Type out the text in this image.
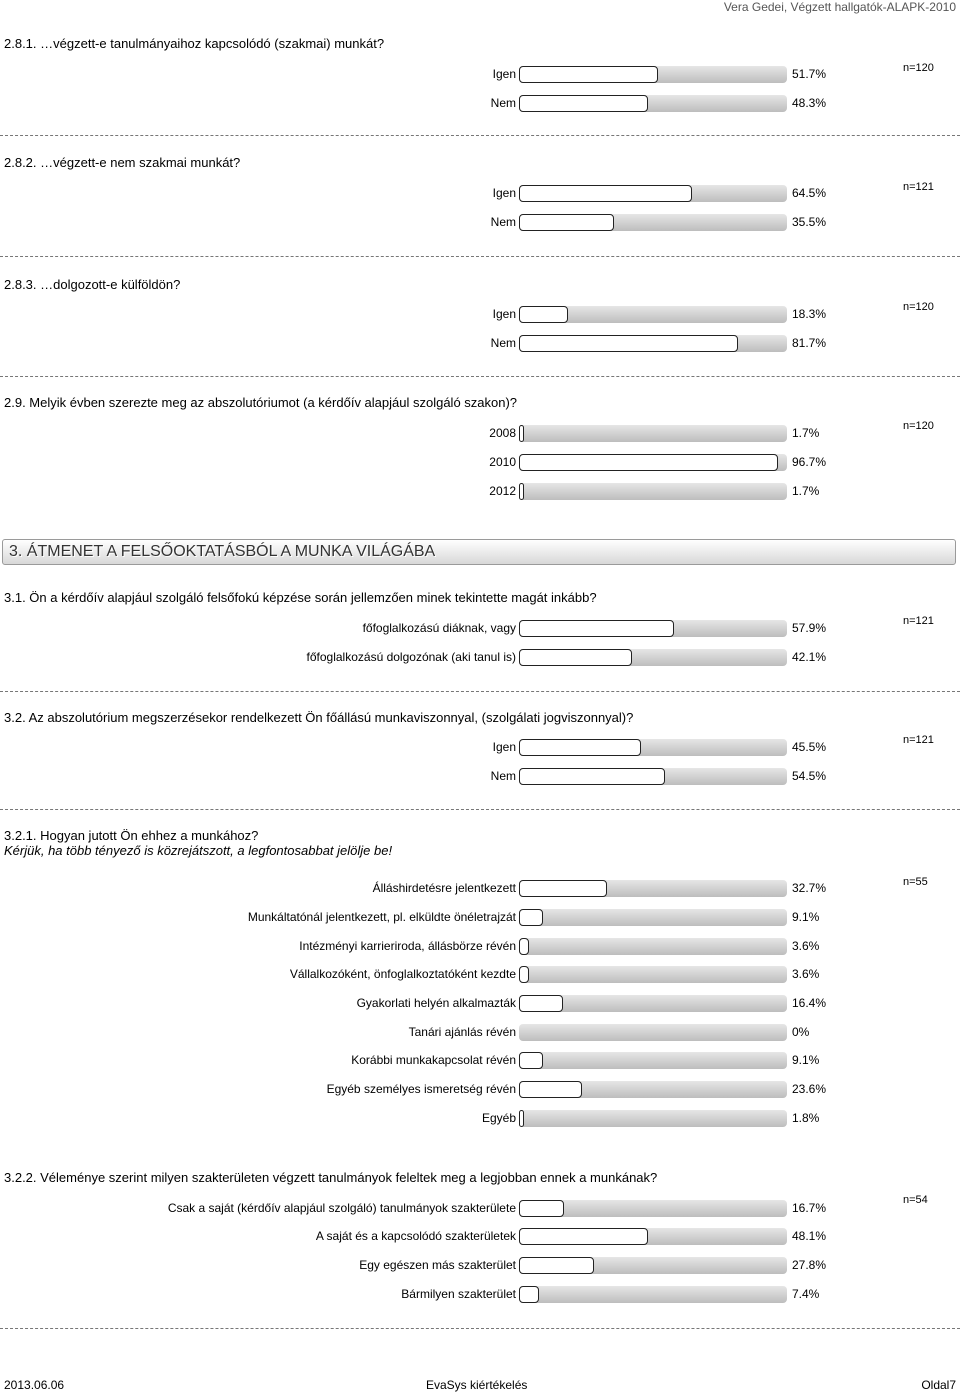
Vera Gedei, Végzett hallgatók-ALAPK-2010
2.8.1. …végzett-e tanulmányaihoz kapcsolódó (szakmai) munkát?
Igen	51.7%
Nem	48.3%
n=120
2.8.2. …végzett-e nem szakmai munkát?
Igen	64.5%
Nem	35.5%
n=121
2.8.3. …dolgozott-e külföldön?
Igen	18.3%
Nem	81.7%
n=120
2.9. Melyik évben szerezte meg az abszolutóriumot (a kérdőív alapjául szolgáló szakon)?
2008	1.7%
2010	96.7%
2012	1.7%
n=120
3. ÁTMENET A FELSŐOKTATÁSBÓL A MUNKA VILÁGÁBA
3.1. Ön a kérdőív alapjául szolgáló felsőfokú képzése során jellemzően minek tekintette magát inkább?
főfoglalkozású diáknak, vagy	57.9%
főfoglalkozású dolgozónak (aki tanul is)	42.1%
n=121
3.2. Az abszolutórium megszerzésekor rendelkezett Ön főállású munkaviszonnyal, (szolgálati jogviszonnyal)?
Igen	45.5%
Nem	54.5%
n=121
3.2.1. Hogyan jutott Ön ehhez a munkához?
Kérjük, ha több tényező is közrejátszott, a legfontosabbat jelölje be!
Álláshirdetésre jelentkezett	32.7%
Munkáltatónál jelentkezett, pl. elküldte önéletrajzát	9.1%
Intézményi karrieriroda, állásbörze révén	3.6%
Vállalkozóként, önfoglalkoztatóként kezdte	3.6%
Gyakorlati helyén alkalmazták	16.4%
Tanári ajánlás révén	0%
Korábbi munkakapcsolat révén	9.1%
Egyéb személyes ismeretség révén	23.6%
Egyéb	1.8%
n=55
3.2.2. Véleménye szerint milyen szakterületen végzett tanulmányok feleltek meg a legjobban ennek a munkának?
Csak a saját (kérdőív alapjául szolgáló) tanulmányok szakterülete	16.7%
A saját és a kapcsolódó szakterületek	48.1%
Egy egészen más szakterület	27.8%
Bármilyen szakterület	7.4%
n=54
2013.06.06	EvaSys kiértékelés	Oldal7
